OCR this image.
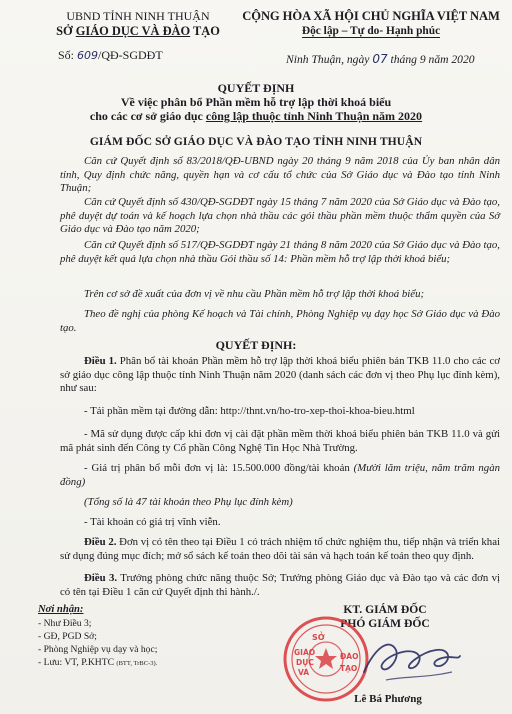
UBND TỈNH NINH THUẬN
SỞ GIÁO DỤC VÀ ĐÀO TẠO
CỘNG HÒA XÃ HỘI CHỦ NGHĨA VIỆT NAM
Độc lập – Tự do- Hạnh phúc
Số: 609/QĐ-SGDĐT	Ninh Thuận, ngày 07 tháng 9 năm 2020
QUYẾT ĐỊNH
Về việc phân bổ Phần mềm hỗ trợ lập thời khoá biểu
cho các cơ sở giáo dục công lập thuộc tỉnh Ninh Thuận năm 2020
GIÁM ĐỐC SỞ GIÁO DỤC VÀ ĐÀO TẠO TỈNH NINH THUẬN
Căn cứ Quyết định số 83/2018/QĐ-UBND ngày 20 tháng 9 năm 2018 của Ủy ban nhân dân tỉnh, Quy định chức năng, quyền hạn và cơ cấu tổ chức của Sở Giáo dục và Đào tạo tỉnh Ninh Thuận;
Căn cứ Quyết định số 430/QĐ-SGDĐT ngày 15 tháng 7 năm 2020 của Sở Giáo dục và Đào tạo, phê duyệt dự toán và kế hoạch lựa chọn nhà thầu các gói thầu phần mềm thuộc thẩm quyền của Sở Giáo dục và Đào tạo năm 2020;
Căn cứ Quyết định số 517/QĐ-SGDĐT ngày 21 tháng 8 năm 2020 của Sở Giáo dục và Đào tạo, phê duyệt kết quả lựa chọn nhà thầu Gói thầu số 14: Phần mềm hỗ trợ lập thời khoá biểu;
Trên cơ sở đề xuất của đơn vị về nhu cầu Phần mềm hỗ trợ lập thời khoá biểu;
Theo đề nghị của phòng Kế hoạch và Tài chính, Phòng Nghiệp vụ dạy học Sở Giáo dục và Đào tạo.
QUYẾT ĐỊNH:
Điều 1. Phân bổ tài khoản Phần mềm hỗ trợ lập thời khoá biểu phiên bản TKB 11.0 cho các cơ sở giáo dục công lập thuộc tỉnh Ninh Thuận năm 2020 (danh sách các đơn vị theo Phụ lục đính kèm), như sau:
- Tải phần mềm tại đường dẫn: http://thnt.vn/ho-tro-xep-thoi-khoa-bieu.html
- Mã sử dụng được cấp khi đơn vị cài đặt phần mềm thời khoá biểu phiên bản TKB 11.0 và gửi mã phát sinh đến Công ty Cổ phần Công Nghệ Tin Học Nhà Trường.
- Giá trị phân bổ mỗi đơn vị là: 15.500.000 đồng/tài khoản (Mười lăm triệu, năm trăm ngàn đồng)
(Tổng số là 47 tài khoản theo Phụ lục đính kèm)
- Tài khoản có giá trị vĩnh viễn.
Điều 2. Đơn vị có tên theo tại Điều 1 có trách nhiệm tổ chức nghiệm thu, tiếp nhận và triển khai sử dụng đúng mục đích; mở sổ sách kế toán theo dõi tài sản và hạch toán kế toán theo quy định.
Điều 3. Trưởng phòng chức năng thuộc Sở; Trưởng phòng Giáo dục và Đào tạo và các đơn vị có tên tại Điều 1 căn cứ Quyết định thi hành./.
Nơi nhận:
- Như Điều 3;
- GĐ, PGD Sở;
- Phòng Nghiệp vụ dạy và học;
- Lưu: VT, P.KHTC (BTT, TrBC-3).
KT. GIÁM ĐỐC
PHÓ GIÁM ĐỐC
SỞ
GIÁO
DỤC
VÀ
ĐÀO
TẠO
Lê Bá Phương
